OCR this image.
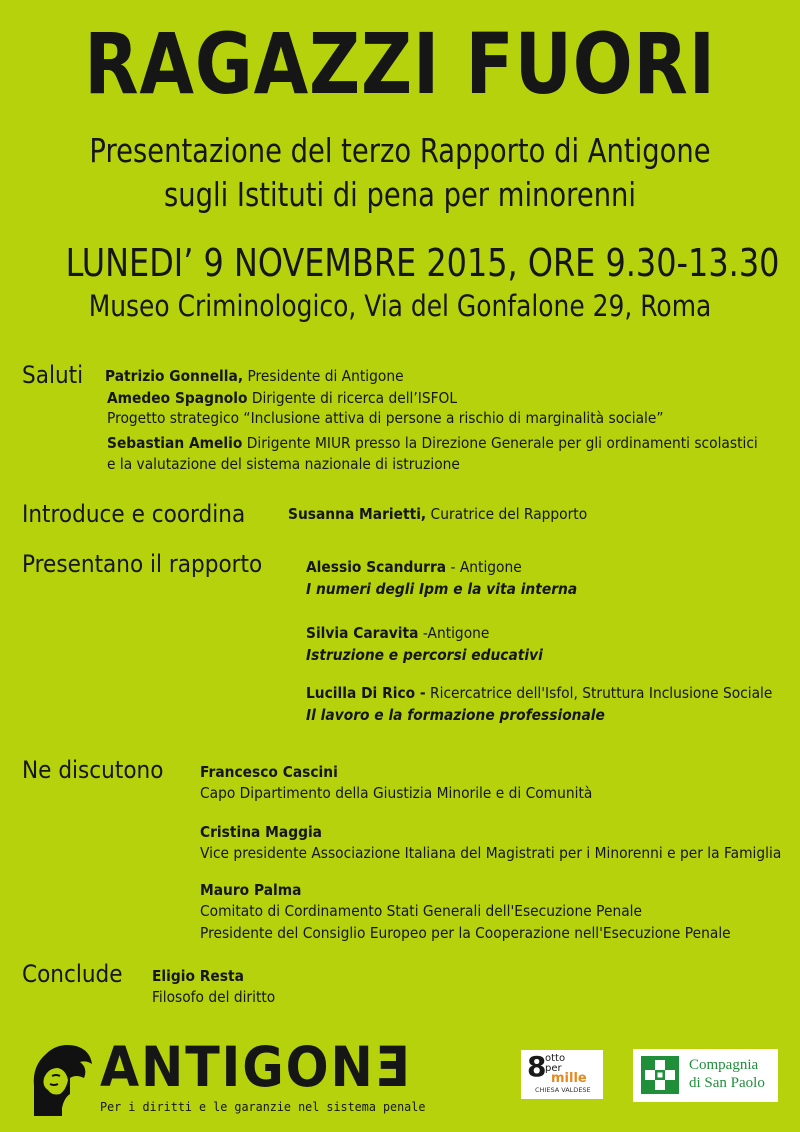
RAGAZZI FUORI
Presentazione del terzo Rapporto di Antigone
sugli Istituti di pena per minorenni
LUNEDI’ 9 NOVEMBRE 2015, ORE 9.30-13.30
Museo Criminologico, Via del Gonfalone 29, Roma
Saluti Patrizio Gonnella, Presidente di Antigone
Amedeo Spagnolo Dirigente di ricerca dell’ISFOL
Progetto strategico “Inclusione attiva di persone a rischio di marginalità sociale”
Sebastian Amelio Dirigente MIUR presso la Direzione Generale per gli ordinamenti scolastici
e la valutazione del sistema nazionale di istruzione
Introduce e coordina	Susanna Marietti, Curatrice del Rapporto
Presentano il rapporto	Alessio Scandurra - Antigone
I numeri degli Ipm e la vita interna
Silvia Caravita -Antigone
Istruzione e percorsi educativi
Lucilla Di Rico - Ricercatrice dell'Isfol, Struttura Inclusione Sociale
Il lavoro e la formazione professionale
Ne discutono Francesco Cascini
Capo Dipartimento della Giustizia Minorile e di Comunità
Cristina Maggia
Vice presidente Associazione Italiana del Magistrati per i Minorenni e per la Famiglia
Mauro Palma
Comitato di Cordinamento Stati Generali dell'Esecuzione Penale
Presidente del Consiglio Europeo per la Cooperazione nell'Esecuzione Penale
Conclude Eligio Resta
Filosofo del diritto
ANTIGONƎ
Per i diritti e le garanzie nel sistema penale
8
otto
per
mille
CHIESA VALDESE
Compagnia
di San Paolo
